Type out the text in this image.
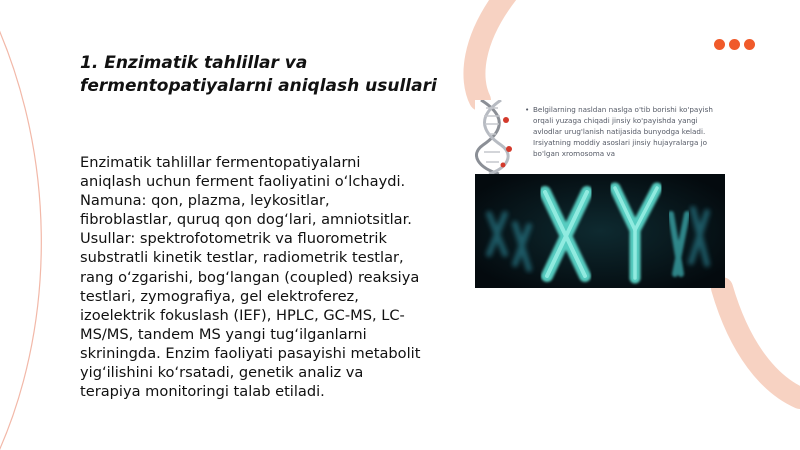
1. Enzimatik tahlillar va fermentopatiyalarni aniqlash usullari

Enzimatik tahlillar fermentopatiyalarni aniqlash uchun ferment faoliyatini o‘lchaydi. Namuna: qon, plazma, leykositlar, fibroblastlar, quruq qon dog‘lari, amniotsitlar. Usullar: spektrofotometrik va fluorometrik substratli kinetik testlar, radiometrik testlar, rang o‘zgarishi, bog‘langan (coupled) reaksiya testlari, zymografiya, gel elektroferez, izoelektrik fokuslash (IEF), HPLC, GC-MS, LC-MS/MS, tandem MS yangi tug‘ilganlarni skriningda. Enzim faoliyati pasayishi metabolit yig‘ilishini ko‘rsatadi, genetik analiz va terapiya monitoringi talab etiladi.

• Belgilarning nasldan naslga o'tib borishi ko'payish orqali yuzaga chiqadi jinsiy ko'payishda yangi avlodlar urug'lanish natijasida bunyodga keladi. Irsiyatning moddiy asoslari jinsiy hujayralarga jo bo'lgan xromosoma va
